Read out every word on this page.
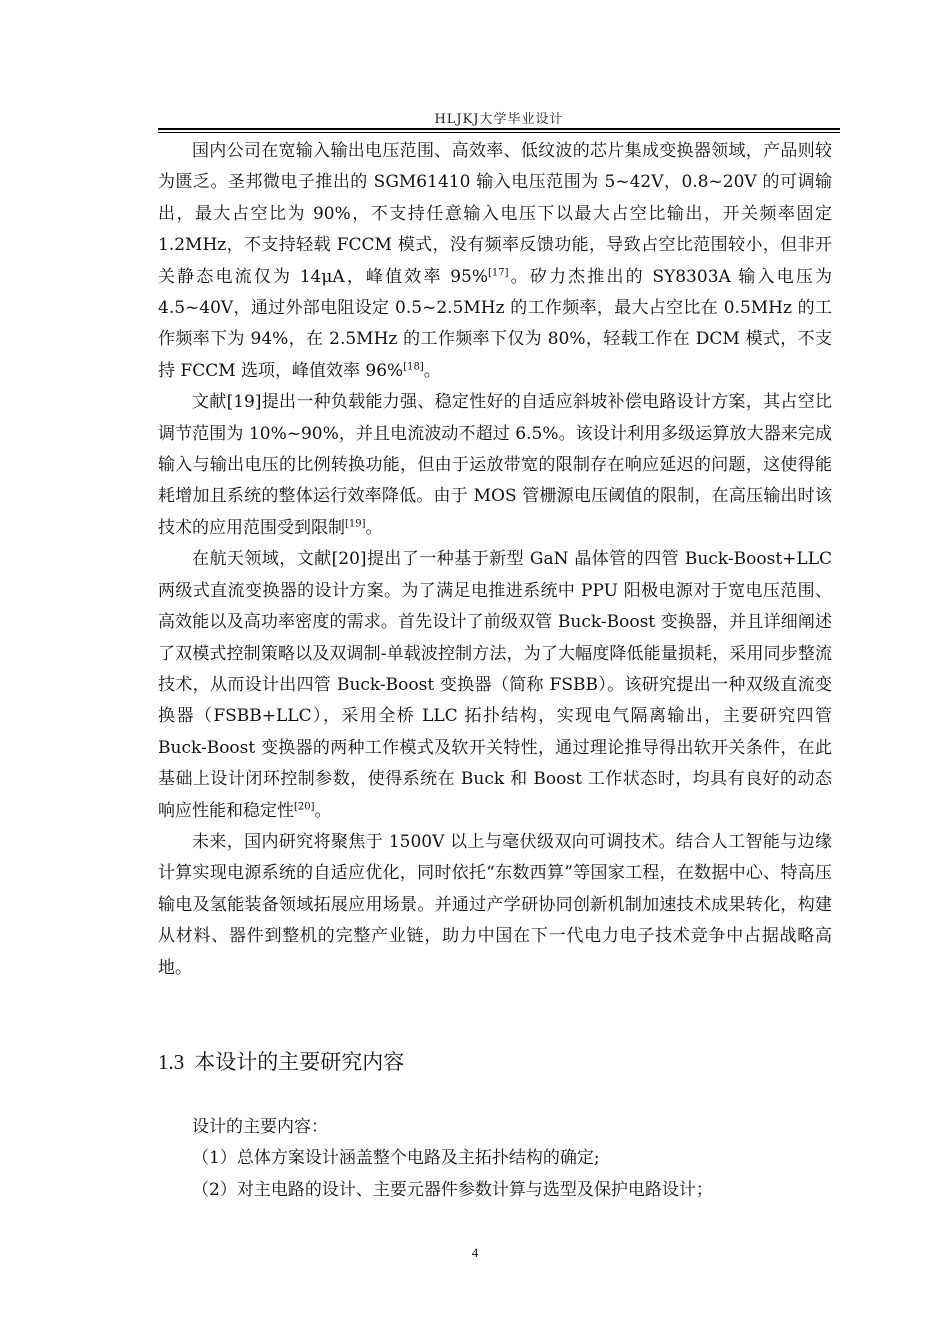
HLJKJ大学毕业设计

国内公司在宽输入输出电压范围、高效率、低纹波的芯片集成变换器领域，产品则较为匮乏。圣邦微电子推出的 SGM61410 输入电压范围为 5~42V，0.8~20V 的可调输出，最大占空比为 90%，不支持任意输入电压下以最大占空比输出，开关频率固定 1.2MHz，不支持轻载 FCCM 模式，没有频率反馈功能，导致占空比范围较小，但非开关静态电流仅为 14μA，峰值效率 95%[17]。矽力杰推出的 SY8303A 输入电压为 4.5~40V，通过外部电阻设定 0.5~2.5MHz 的工作频率，最大占空比在 0.5MHz 的工作频率下为 94%，在 2.5MHz 的工作频率下仅为 80%，轻载工作在 DCM 模式，不支持 FCCM 选项，峰值效率 96%[18]。

文献[19]提出一种负载能力强、稳定性好的自适应斜坡补偿电路设计方案，其占空比调节范围为 10%~90%，并且电流波动不超过 6.5%。该设计利用多级运算放大器来完成输入与输出电压的比例转换功能，但由于运放带宽的限制存在响应延迟的问题，这使得能耗增加且系统的整体运行效率降低。由于 MOS 管栅源电压阈值的限制，在高压输出时该技术的应用范围受到限制[19]。

在航天领域，文献[20]提出了一种基于新型 GaN 晶体管的四管 Buck-Boost+LLC 两级式直流变换器的设计方案。为了满足电推进系统中 PPU 阳极电源对于宽电压范围、高效能以及高功率密度的需求。首先设计了前级双管 Buck-Boost 变换器，并且详细阐述了双模式控制策略以及双调制-单载波控制方法，为了大幅度降低能量损耗，采用同步整流技术，从而设计出四管 Buck-Boost 变换器（简称 FSBB）。该研究提出一种双级直流变换器（FSBB+LLC），采用全桥 LLC 拓扑结构，实现电气隔离输出，主要研究四管 Buck-Boost 变换器的两种工作模式及软开关特性，通过理论推导得出软开关条件，在此基础上设计闭环控制参数，使得系统在 Buck 和 Boost 工作状态时，均具有良好的动态响应性能和稳定性[20]。

未来，国内研究将聚焦于 1500V 以上与毫伏级双向可调技术。结合人工智能与边缘计算实现电源系统的自适应优化，同时依托“东数西算”等国家工程，在数据中心、特高压输电及氢能装备领域拓展应用场景。并通过产学研协同创新机制加速技术成果转化，构建从材料、器件到整机的完整产业链，助力中国在下一代电力电子技术竞争中占据战略高地。

1.3 本设计的主要研究内容
设计的主要内容：
（1）总体方案设计涵盖整个电路及主拓扑结构的确定;
（2）对主电路的设计、主要元器件参数计算与选型及保护电路设计；
4
